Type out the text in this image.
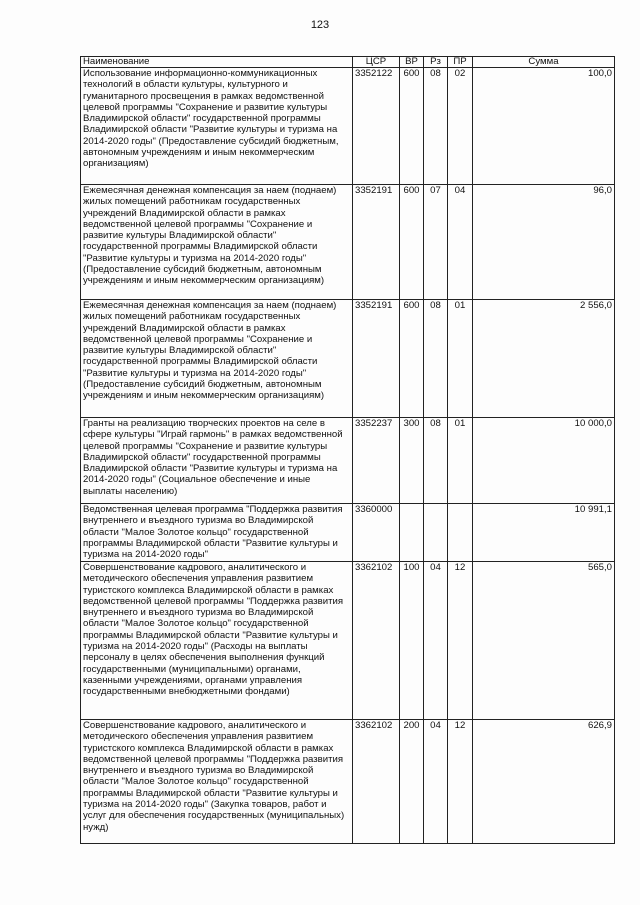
123
Наименование	ЦСР	ВР	Рз	ПР	Сумма
Использование информационно-коммуникационных технологий в области культуры, культурного и гуманитарного просвещения в рамках ведомственной целевой программы "Сохранение и развитие культуры Владимирской области" государственной программы Владимирской области "Развитие культуры и туризма на 2014-2020 годы" (Предоставление субсидий бюджетным, автономным учреждениям и иным некоммерческим организациям)	3352122	600	08	02	100,0
Ежемесячная денежная компенсация за наем (поднаем) жилых помещений работникам государственных учреждений Владимирской области в рамках ведомственной целевой программы "Сохранение и развитие культуры Владимирской области" государственной программы Владимирской области "Развитие культуры и туризма на 2014-2020 годы" (Предоставление субсидий бюджетным, автономным учреждениям и иным некоммерческим организациям)	3352191	600	07	04	96,0
Ежемесячная денежная компенсация за наем (поднаем) жилых помещений работникам государственных учреждений Владимирской области в рамках ведомственной целевой программы "Сохранение и развитие культуры Владимирской области" государственной программы Владимирской области "Развитие культуры и туризма на 2014-2020 годы" (Предоставление субсидий бюджетным, автономным учреждениям и иным некоммерческим организациям)	3352191	600	08	01	2 556,0
Гранты на реализацию творческих проектов на селе в сфере культуры "Играй гармонь" в рамках ведомственной целевой программы "Сохранение и развитие культуры Владимирской области" государственной программы Владимирской области "Развитие культуры и туризма на 2014-2020 годы" (Социальное обеспечение и иные выплаты населению)	3352237	300	08	01	10 000,0
Ведомственная целевая программа "Поддержка развития внутреннего и въездного туризма во Владимирской области "Малое Золотое кольцо" государственной программы Владимирской области "Развитие культуры и туризма на 2014-2020 годы"	3360000				10 991,1
Совершенствование кадрового, аналитического и методического обеспечения управления развитием туристского комплекса Владимирской области в рамках ведомственной целевой программы "Поддержка развития внутреннего и въездного туризма во Владимирской области "Малое Золотое кольцо" государственной программы Владимирской области "Развитие культуры и туризма на 2014-2020 годы" (Расходы на выплаты персоналу в целях обеспечения выполнения функций государственными (муниципальными) органами, казенными учреждениями, органами управления государственными внебюджетными фондами)	3362102	100	04	12	565,0
Совершенствование кадрового, аналитического и методического обеспечения управления развитием туристского комплекса Владимирской области в рамках ведомственной целевой программы "Поддержка развития внутреннего и въездного туризма во Владимирской области "Малое Золотое кольцо" государственной программы Владимирской области "Развитие культуры и туризма на 2014-2020 годы" (Закупка товаров, работ и услуг для обеспечения государственных (муниципальных) нужд)	3362102	200	04	12	626,9
